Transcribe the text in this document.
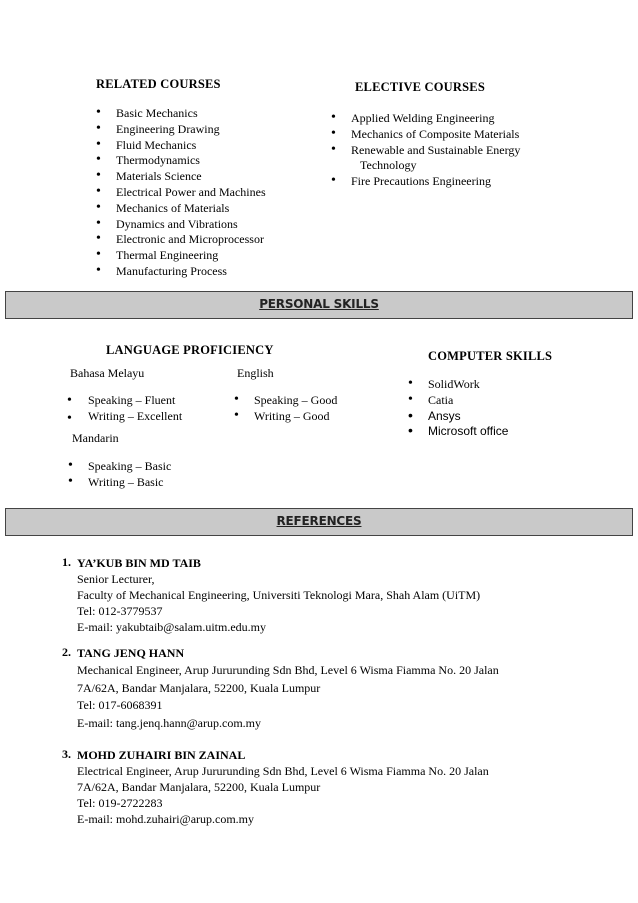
RELATED COURSES
• Basic Mechanics
• Engineering Drawing
• Fluid Mechanics
• Thermodynamics
• Materials Science
• Electrical Power and Machines
• Mechanics of Materials
• Dynamics and Vibrations
• Electronic and Microprocessor
• Thermal Engineering
• Manufacturing Process
ELECTIVE COURSES
• Applied Welding Engineering
• Mechanics of Composite Materials
• Renewable and Sustainable Energy Technology
• Fire Precautions Engineering
PERSONAL SKILLS
LANGUAGE PROFICIENCY
Bahasa Melayu	English
• Speaking – Fluent
• Writing – Excellent
• Speaking – Good
• Writing – Good
•
•
Mandarin
• Speaking – Basic
• Writing – Basic
COMPUTER SKILLS
• SolidWork
• Catia
• Ansys
• Microsoft office
REFERENCES
1. YA’KUB BIN MD TAIB
Senior Lecturer,
Faculty of Mechanical Engineering, Universiti Teknologi Mara, Shah Alam (UiTM)
Tel: 012-3779537
E-mail: yakubtaib@salam.uitm.edu.my
2. TANG JENQ HANN
Mechanical Engineer, Arup Jururunding Sdn Bhd, Level 6 Wisma Fiamma No. 20 Jalan
7A/62A, Bandar Manjalara, 52200, Kuala Lumpur
Tel: 017-6068391
E-mail: tang.jenq.hann@arup.com.my
3. MOHD ZUHAIRI BIN ZAINAL
Electrical Engineer, Arup Jururunding Sdn Bhd, Level 6 Wisma Fiamma No. 20 Jalan
7A/62A, Bandar Manjalara, 52200, Kuala Lumpur
Tel: 019-2722283
E-mail: mohd.zuhairi@arup.com.my
